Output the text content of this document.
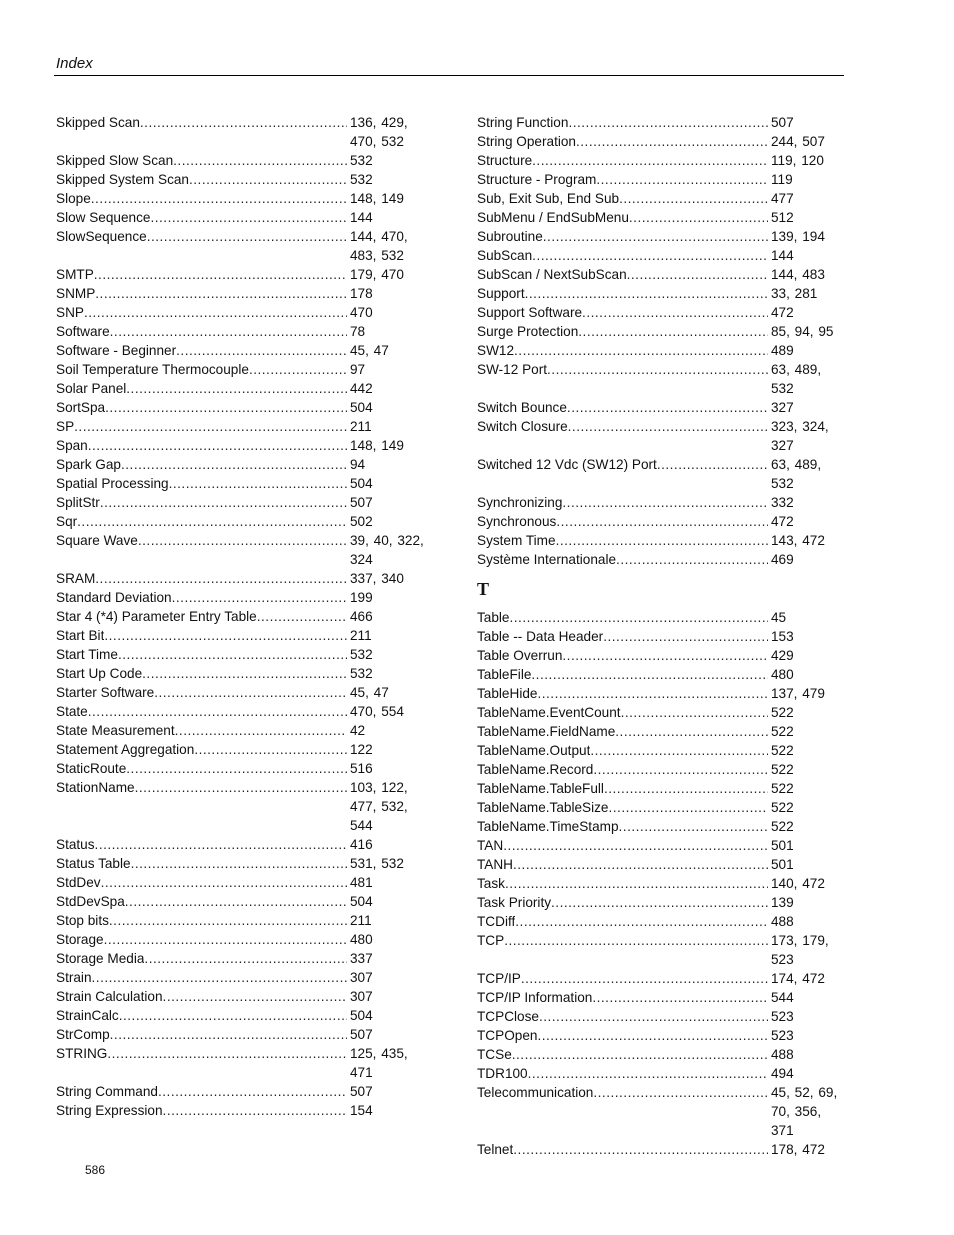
Index
Skipped Scan .....	136, 429, 470, 532
Skipped Slow Scan .....	532
Skipped System Scan .....	532
Slope .....	148, 149
Slow Sequence .....	144
SlowSequence .....	144, 470, 483, 532
SMTP .....	179, 470
SNMP .....	178
SNP .....	470
Software .....	78
Software - Beginner .....	45, 47
Soil Temperature Thermocouple .....	97
Solar Panel .....	442
SortSpa .....	504
SP .....	211
Span .....	148, 149
Spark Gap .....	94
Spatial Processing .....	504
SplitStr .....	507
Sqr .....	502
Square Wave .....	39, 40, 322, 324
SRAM .....	337, 340
Standard Deviation .....	199
Star 4 (*4) Parameter Entry Table .....	466
Start Bit .....	211
Start Time .....	532
Start Up Code .....	532
Starter Software .....	45, 47
State .....	470, 554
State Measurement .....	42
Statement Aggregation .....	122
StaticRoute .....	516
StationName .....	103, 122, 477, 532, 544
Status .....	416
Status Table .....	531, 532
StdDev .....	481
StdDevSpa .....	504
Stop bits .....	211
Storage .....	480
Storage Media .....	337
Strain .....	307
Strain Calculation .....	307
StrainCalc .....	504
StrComp .....	507
STRING .....	125, 435, 471
String Command .....	507
String Expression .....	154
String Function .....	507
String Operation .....	244, 507
Structure .....	119, 120
Structure - Program .....	119
Sub, Exit Sub, End Sub .....	477
SubMenu / EndSubMenu .....	512
Subroutine .....	139, 194
SubScan .....	144
SubScan / NextSubScan .....	144, 483
Support .....	33, 281
Support Software .....	472
Surge Protection .....	85, 94, 95
SW12 .....	489
SW-12 Port .....	63, 489, 532
Switch Bounce .....	327
Switch Closure .....	323, 324, 327
Switched 12 Vdc (SW12) Port .....	63, 489, 532
Synchronizing .....	332
Synchronous .....	472
System Time .....	143, 472
Système Internationale .....	469
T
Table .....	45
Table -- Data Header .....	153
Table Overrun .....	429
TableFile .....	480
TableHide .....	137, 479
TableName.EventCount .....	522
TableName.FieldName .....	522
TableName.Output .....	522
TableName.Record .....	522
TableName.TableFull .....	522
TableName.TableSize .....	522
TableName.TimeStamp .....	522
TAN .....	501
TANH .....	501
Task .....	140, 472
Task Priority .....	139
TCDiff .....	488
TCP .....	173, 179, 523
TCP/IP .....	174, 472
TCP/IP Information .....	544
TCPClose .....	523
TCPOpen .....	523
TCSe .....	488
TDR100 .....	494
Telecommunication .....	45, 52, 69, 70, 356, 371
Telnet .....	178, 472
586
